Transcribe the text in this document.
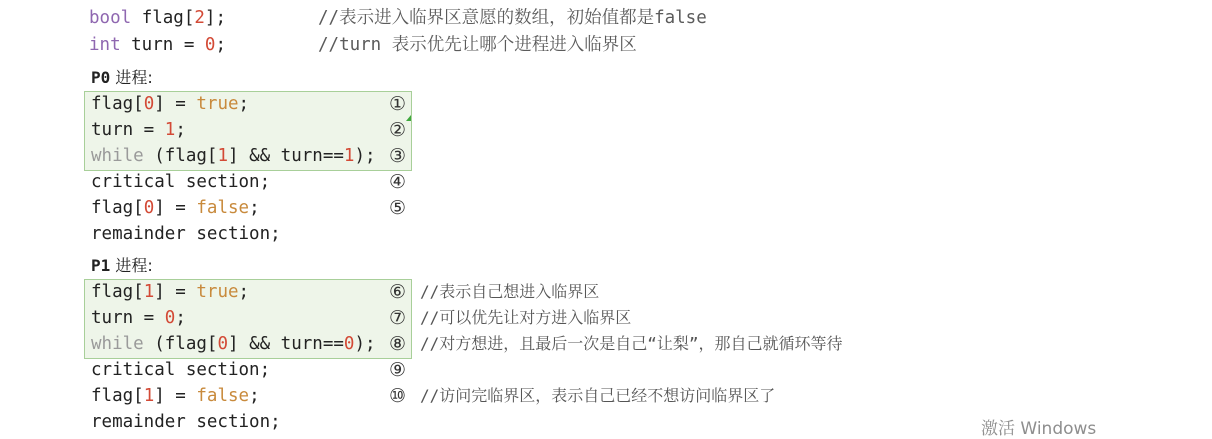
bool flag[2];	//表示进入临界区意愿的数组，初始值都是false
int turn = 0;	//turn 表示优先让哪个进程进入临界区
P0 进程:
flag[0] = true;
turn = 1;
while (flag[1] && turn==1);
critical section;
flag[0] = false;
remainder section;
①
②
③
④
⑤
P1 进程:
flag[1] = true;
turn = 0;
while (flag[0] && turn==0);
critical section;
flag[1] = false;
remainder section;
⑥
⑦
⑧
⑨
⑩
//表示自己想进入临界区
//可以优先让对方进入临界区
//对方想进，且最后一次是自己“让梨”，那自己就循环等待
//访问完临界区，表示自己已经不想访问临界区了
激活 Windows
